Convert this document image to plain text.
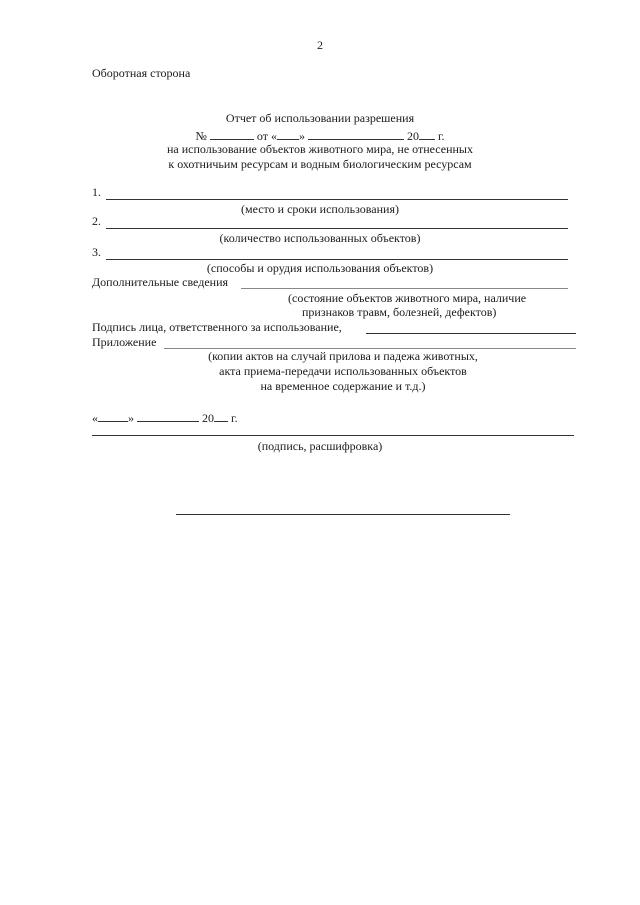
2
Оборотная сторона
Отчет об использовании разрешения
№	от « »	20 г.
на использование объектов животного мира, не отнесенных
к охотничьим ресурсам и водным биологическим ресурсам
1.
(место и сроки использования)
2.
(количество использованных объектов)
3.
(способы и орудия использования объектов)
Дополнительные сведения
(состояние объектов животного мира, наличие
признаков травм, болезней, дефектов)
Подпись лица, ответственного за использование,
Приложение
(копии актов на случай прилова и падежа животных,
акта приема-передачи использованных объектов
на временное содержание и т.д.)
«	»	20 г.
(подпись, расшифровка)
